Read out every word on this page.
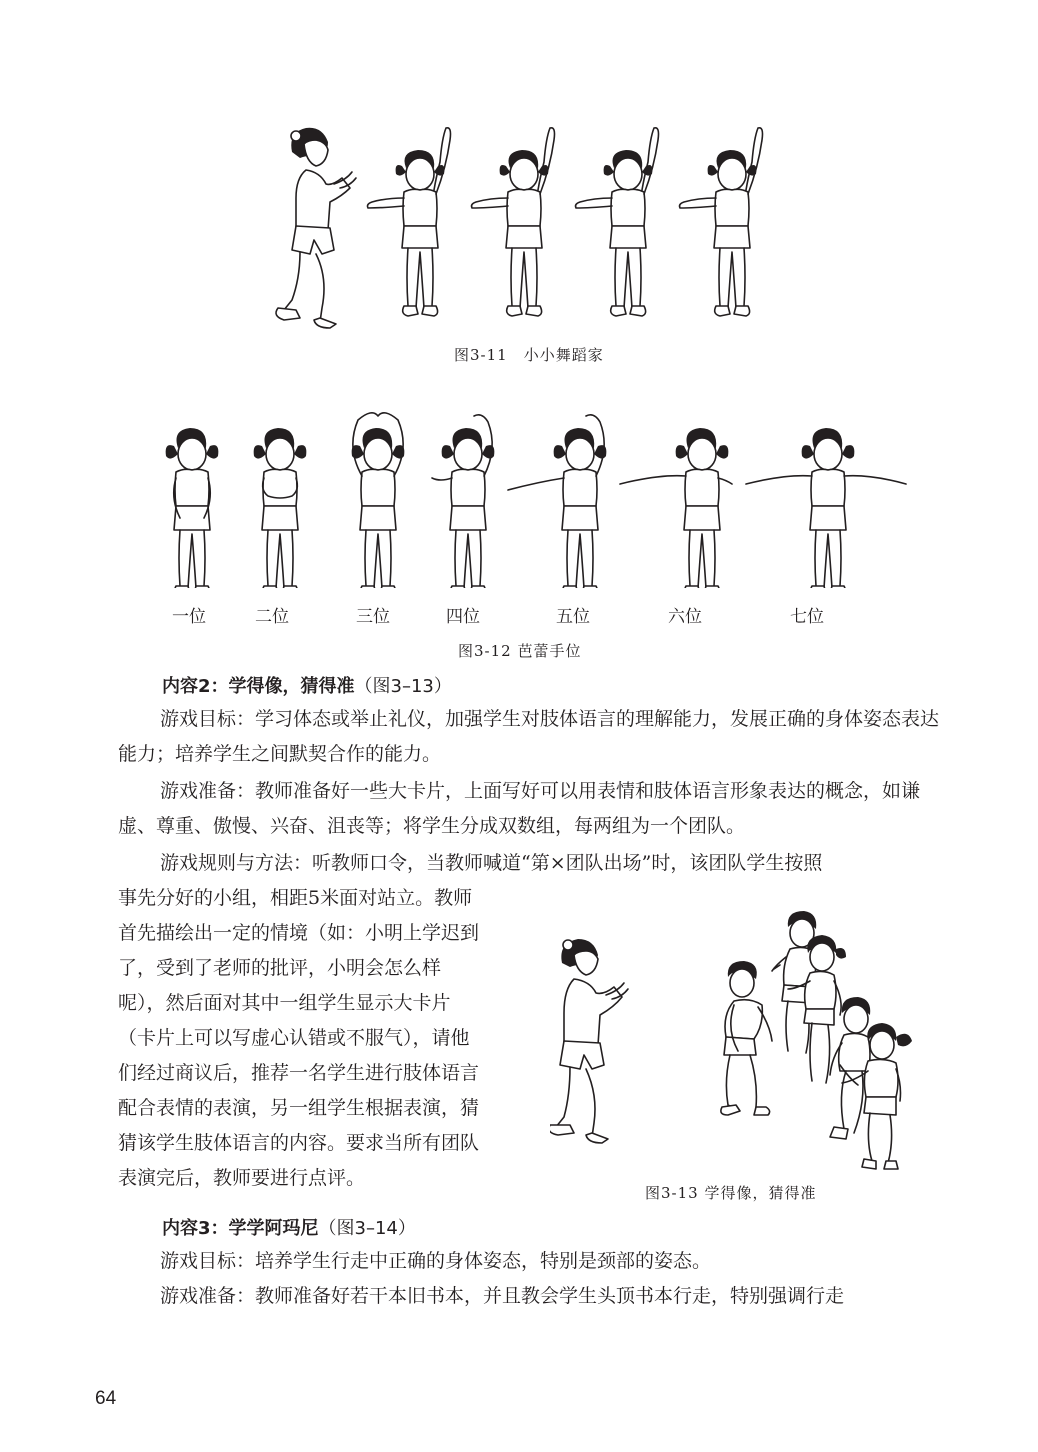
图3-11　小小舞蹈家
一位	二位	三位	四位	五位	六位	七位
图3-12 芭蕾手位
内容2：学得像，猜得准（图3–13）
游戏目标：学习体态或举止礼仪，加强学生对肢体语言的理解能力，发展正确的身体姿态表达能力；培养学生之间默契合作的能力。
游戏准备：教师准备好一些大卡片，上面写好可以用表情和肢体语言形象表达的概念，如谦虚、尊重、傲慢、兴奋、沮丧等；将学生分成双数组，每两组为一个团队。
游戏规则与方法：听教师口令，当教师喊道“第×团队出场”时，该团队学生按照
事先分好的小组，相距5米面对站立。教师
首先描绘出一定的情境（如：小明上学迟到
了，受到了老师的批评，小明会怎么样
呢），然后面对其中一组学生显示大卡片
（卡片上可以写虚心认错或不服气），请他
们经过商议后，推荐一名学生进行肢体语言
配合表情的表演，另一组学生根据表演，猜
猜该学生肢体语言的内容。要求当所有团队
表演完后，教师要进行点评。
图3-13 学得像，猜得准
内容3：学学阿玛尼（图3–14）
游戏目标：培养学生行走中正确的身体姿态，特别是颈部的姿态。
游戏准备：教师准备好若干本旧书本，并且教会学生头顶书本行走，特别强调行走
64
